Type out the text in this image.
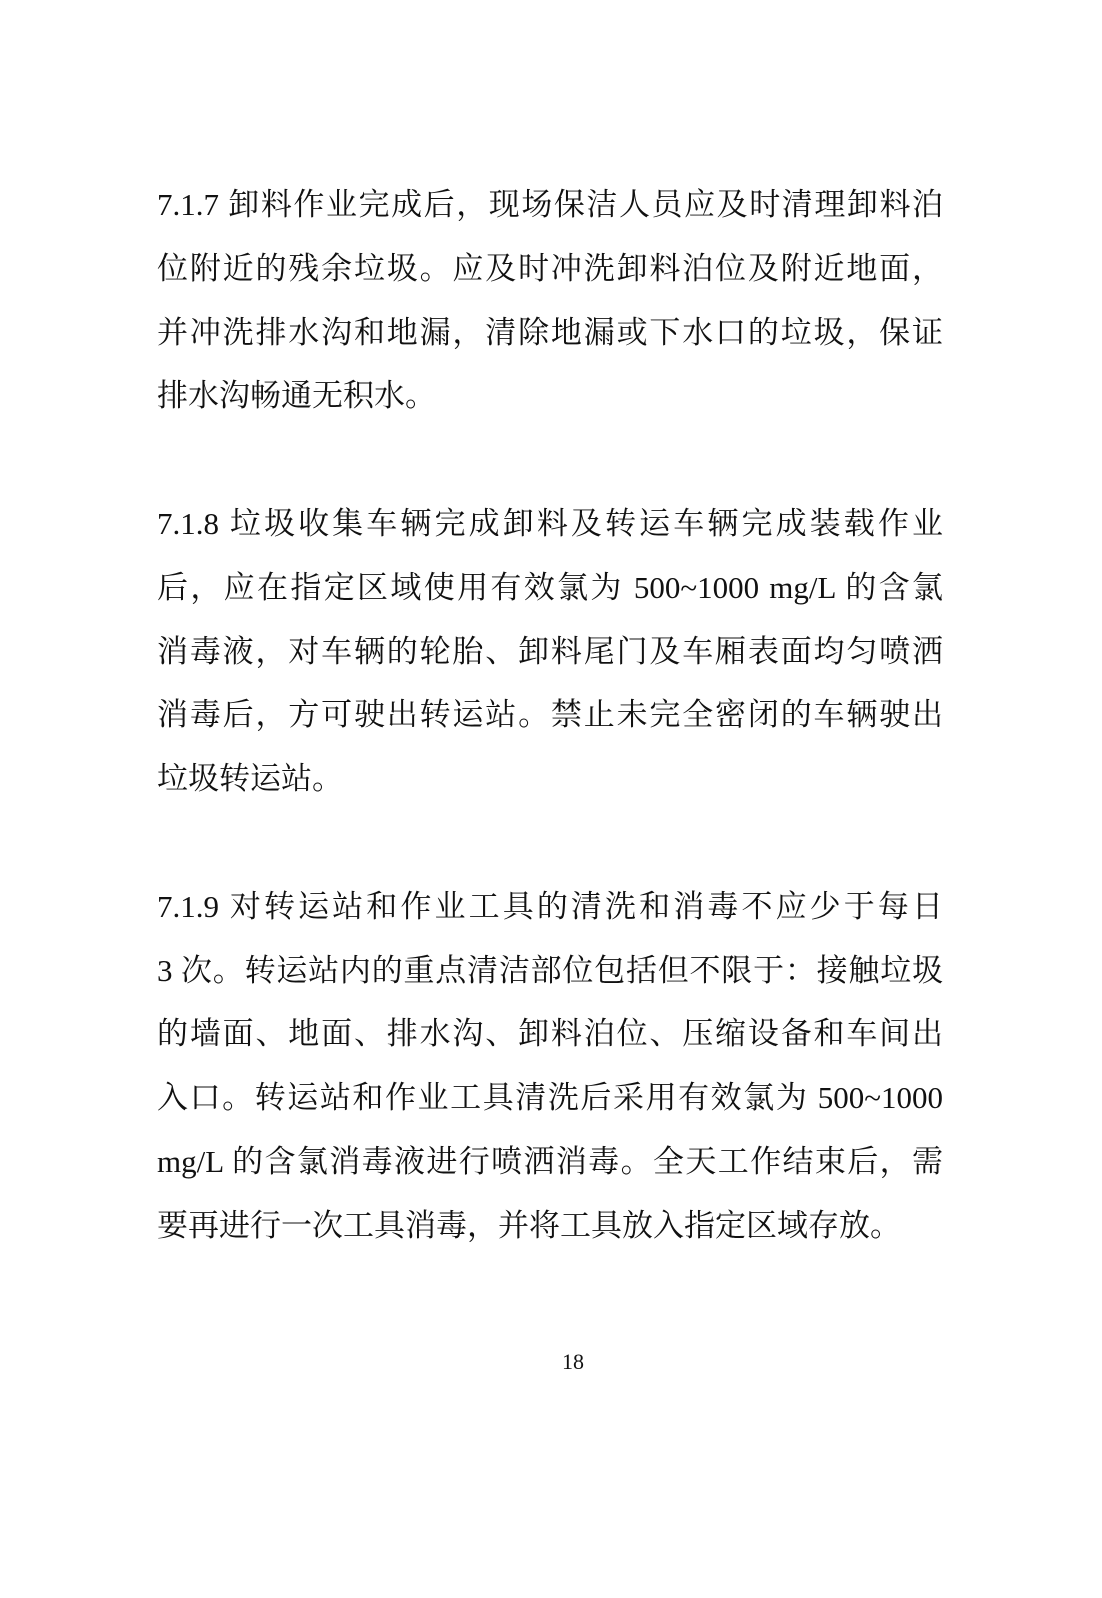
7.1.7 卸料作业完成后，现场保洁人员应及时清理卸料泊
位附近的残余垃圾。应及时冲洗卸料泊位及附近地面，
并冲洗排水沟和地漏，清除地漏或下水口的垃圾，保证
排水沟畅通无积水。
7.1.8 垃圾收集车辆完成卸料及转运车辆完成装载作业
后，应在指定区域使用有效氯为 500~1000 mg/L 的含氯
消毒液，对车辆的轮胎、卸料尾门及车厢表面均匀喷洒
消毒后，方可驶出转运站。禁止未完全密闭的车辆驶出
垃圾转运站。
7.1.9 对转运站和作业工具的清洗和消毒不应少于每日
3 次。转运站内的重点清洁部位包括但不限于：接触垃圾
的墙面、地面、排水沟、卸料泊位、压缩设备和车间出
入口。转运站和作业工具清洗后采用有效氯为 500~1000
mg/L 的含氯消毒液进行喷洒消毒。全天工作结束后，需
要再进行一次工具消毒，并将工具放入指定区域存放。
18
